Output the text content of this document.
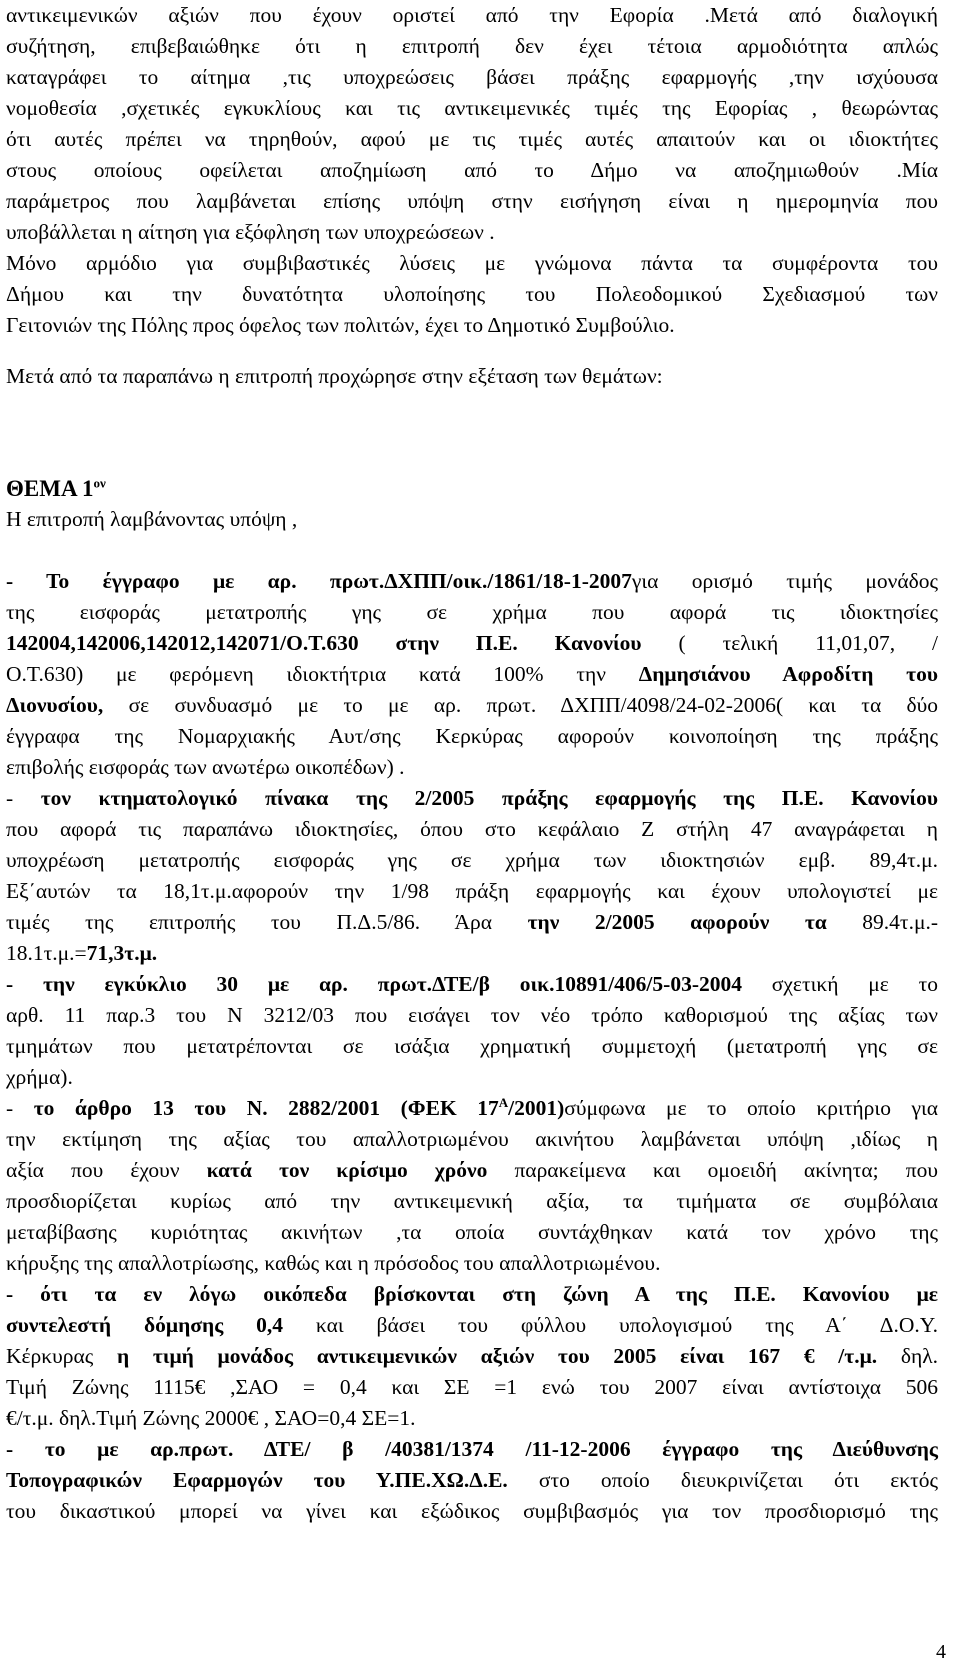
αντικειμενικών αξιών που έχουν οριστεί από την Εφορία .Μετά από διαλογική
συζήτηση, επιβεβαιώθηκε ότι η επιτροπή δεν έχει τέτοια αρμοδιότητα απλώς
καταγράφει το αίτημα ,τις υποχρεώσεις βάσει πράξης εφαρμογής ,την ισχύουσα
νομοθεσία ,σχετικές εγκυκλίους και τις αντικειμενικές τιμές της Εφορίας , θεωρώντας
ότι αυτές πρέπει να τηρηθούν, αφού με τις τιμές αυτές απαιτούν και οι ιδιοκτήτες
στους οποίους οφείλεται αποζημίωση από το Δήμο να αποζημιωθούν .Μία
παράμετρος που λαμβάνεται επίσης υπόψη στην εισήγηση είναι η ημερομηνία που
υποβάλλεται η αίτηση για εξόφληση των υποχρεώσεων .
Μόνο αρμόδιο για συμβιβαστικές λύσεις με γνώμονα πάντα τα συμφέροντα του
Δήμου και την δυνατότητα υλοποίησης του Πολεοδομικού Σχεδιασμού των
Γειτονιών της Πόλης προς όφελος των πολιτών, έχει το Δημοτικό Συμβούλιο.
Μετά από τα παραπάνω η επιτροπή προχώρησε στην εξέταση των θεμάτων:
ΘΕΜΑ $1^{o\nu}$
Η επιτροπή λαμβάνοντας υπόψη ,
- Το έγγραφο με αρ. πρωτ.ΔΧΠΠ/οικ./1861/18-1-2007για ορισμό τιμής μονάδος
της εισφοράς μετατροπής γης σε χρήμα που αφορά τις ιδιοκτησίες
142004,142006,142012,142071/Ο.Τ.630 στην Π.Ε. Κανονίου ( τελική 11,01,07, /
Ο.Τ.630) με φερόμενη ιδιοκτήτρια κατά 100% την Δημησιάνου Αφροδίτη του
Διονυσίου, σε συνδυασμό με το με αρ. πρωτ. ΔΧΠΠ/4098/24-02-2006( και τα δύο
έγγραφα της Νομαρχιακής Αυτ/σης Κερκύρας αφορούν κοινοποίηση της πράξης
επιβολής εισφοράς των ανωτέρω οικοπέδων) .
- τον κτηματολογικό πίνακα της 2/2005 πράξης εφαρμογής της Π.Ε. Κανονίου
που αφορά τις παραπάνω ιδιοκτησίες, όπου στο κεφάλαιο Ζ στήλη 47 αναγράφεται η
υποχρέωση μετατροπής εισφοράς γης σε χρήμα των ιδιοκτησιών εμβ. 89,4τ.μ.
Εξ΄αυτών τα 18,1τ.μ.αφορούν την 1/98 πράξη εφαρμογής και έχουν υπολογιστεί με
τιμές της επιτροπής του Π.Δ.5/86. Άρα την 2/2005 αφορούν τα 89.4τ.μ.-
18.1τ.μ.=71,3τ.μ.
- την εγκύκλιο 30 με αρ. πρωτ.ΔΤΕ/β οικ.10891/406/5-03-2004 σχετική με το
αρθ. 11 παρ.3 του Ν 3212/03 που εισάγει τον νέο τρόπο καθορισμού της αξίας των
τμημάτων που μετατρέπονται σε ισάξια χρηματική συμμετοχή (μετατροπή γης σε
χρήμα).
- το άρθρο 13 του Ν. 2882/2001 (ΦΕΚ $17^A/2001)\sigma ύ\mu\varphi\omega\nu\alpha$ με το οποίο κριτήριο για
την εκτίμηση της αξίας του απαλλοτριωμένου ακινήτου λαμβάνεται υπόψη ,ιδίως η
αξία που έχουν κατά τον κρίσιμο χρόνο παρακείμενα και ομοειδή ακίνητα; που
προσδιορίζεται κυρίως από την αντικειμενική αξία, τα τιμήματα σε συμβόλαια
μεταβίβασης κυριότητας ακινήτων ,τα οποία συντάχθηκαν κατά τον χρόνο της
κήρυξης της απαλλοτρίωσης, καθώς και η πρόσοδος του απαλλοτριωμένου.
- ότι τα εν λόγω οικόπεδα βρίσκονται στη ζώνη Α της Π.Ε. Κανονίου με
συντελεστή δόμησης 0,4 και βάσει του φύλλου υπολογισμού της Α΄ Δ.Ο.Υ.
Κέρκυρας η τιμή μονάδος αντικειμενικών αξιών του 2005 είναι 167 € /τ.μ. δηλ.
Τιμή Ζώνης 1115€ ,ΣΑΟ = 0,4 και ΣΕ =1 ενώ του 2007 είναι αντίστοιχα 506
€/τ.μ. δηλ.Τιμή Ζώνης 2000€ , ΣΑΟ=0,4 ΣΕ=1.
- το με αρ.πρωτ. ΔΤΕ/ β /40381/1374 /11-12-2006 έγγραφο της Διεύθυνσης
Τοπογραφικών Εφαρμογών του Υ.ΠΕ.ΧΩ.Δ.Ε. στο οποίο διευκρινίζεται ότι εκτός
του δικαστικού μπορεί να γίνει και εξώδικος συμβιβασμός για τον προσδιορισμό της
4
